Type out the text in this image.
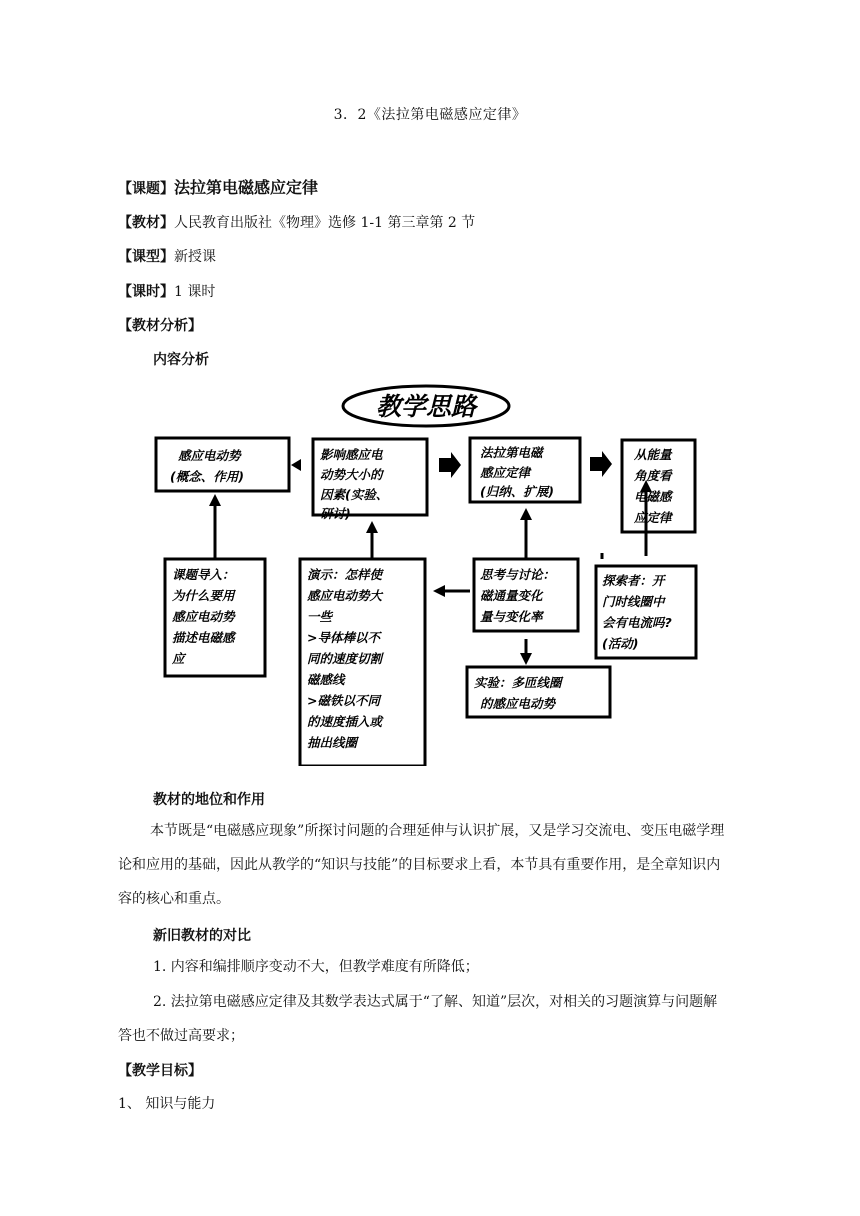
3．2《法拉第电磁感应定律》
【课题】法拉第电磁感应定律
【教材】人民教育出版社《物理》选修 1-1 第三章第 2 节
【课型】新授课
【课时】1 课时
【教材分析】
内容分析
教学思路
感应电动势
(概念、作用)
影响感应电
动势大小的
因素(实验、
研讨)
法拉第电磁
感应定律
(归纳、扩展)
从能量
角度看
电磁感
应定律
课题导入：
为什么要用
感应电动势
描述电磁感
应
演示：怎样使
感应电动势大
一些
>导体棒以不
同的速度切割
磁感线
>磁铁以不同
的速度插入或
抽出线圈
思考与讨论：
磁通量变化
量与变化率
探索者：开
门时线圈中
会有电流吗?
(活动)
实验：多匝线圈
的感应电动势
教材的地位和作用

本节既是“电磁感应现象”所探讨问题的合理延伸与认识扩展，又是学习交流电、变压电磁学理论和应用的基础，因此从教学的“知识与技能”的目标要求上看，本节具有重要作用，是全章知识内容的核心和重点。

新旧教材的对比

1. 内容和编排顺序变动不大，但教学难度有所降低；

2. 法拉第电磁感应定律及其数学表达式属于“了解、知道”层次，对相关的习题演算与问题解答也不做过高要求；

【教学目标】
1、 知识与能力
